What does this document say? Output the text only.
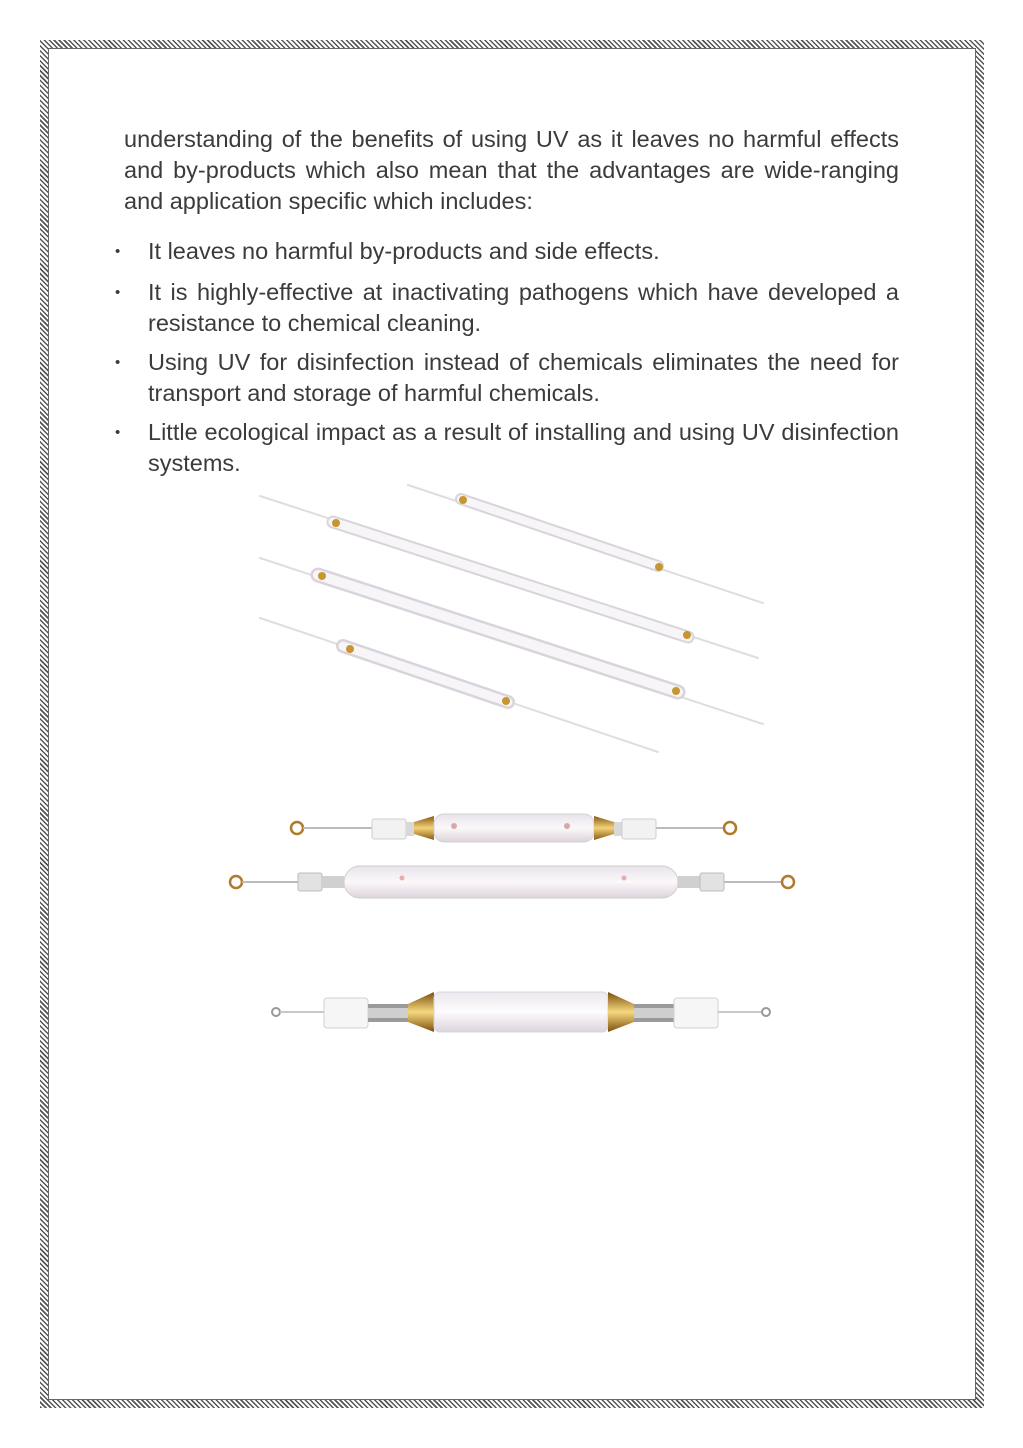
understanding of the benefits of using UV as it leaves no harmful effects and by-products which also mean that the advantages are wide-ranging and application specific which includes:

• It leaves no harmful by-products and side effects.
• It is highly-effective at inactivating pathogens which have developed a resistance to chemical cleaning.
• Using UV for disinfection instead of chemicals eliminates the need for transport and storage of harmful chemicals.
• Little ecological impact as a result of installing and using UV disinfection systems.
